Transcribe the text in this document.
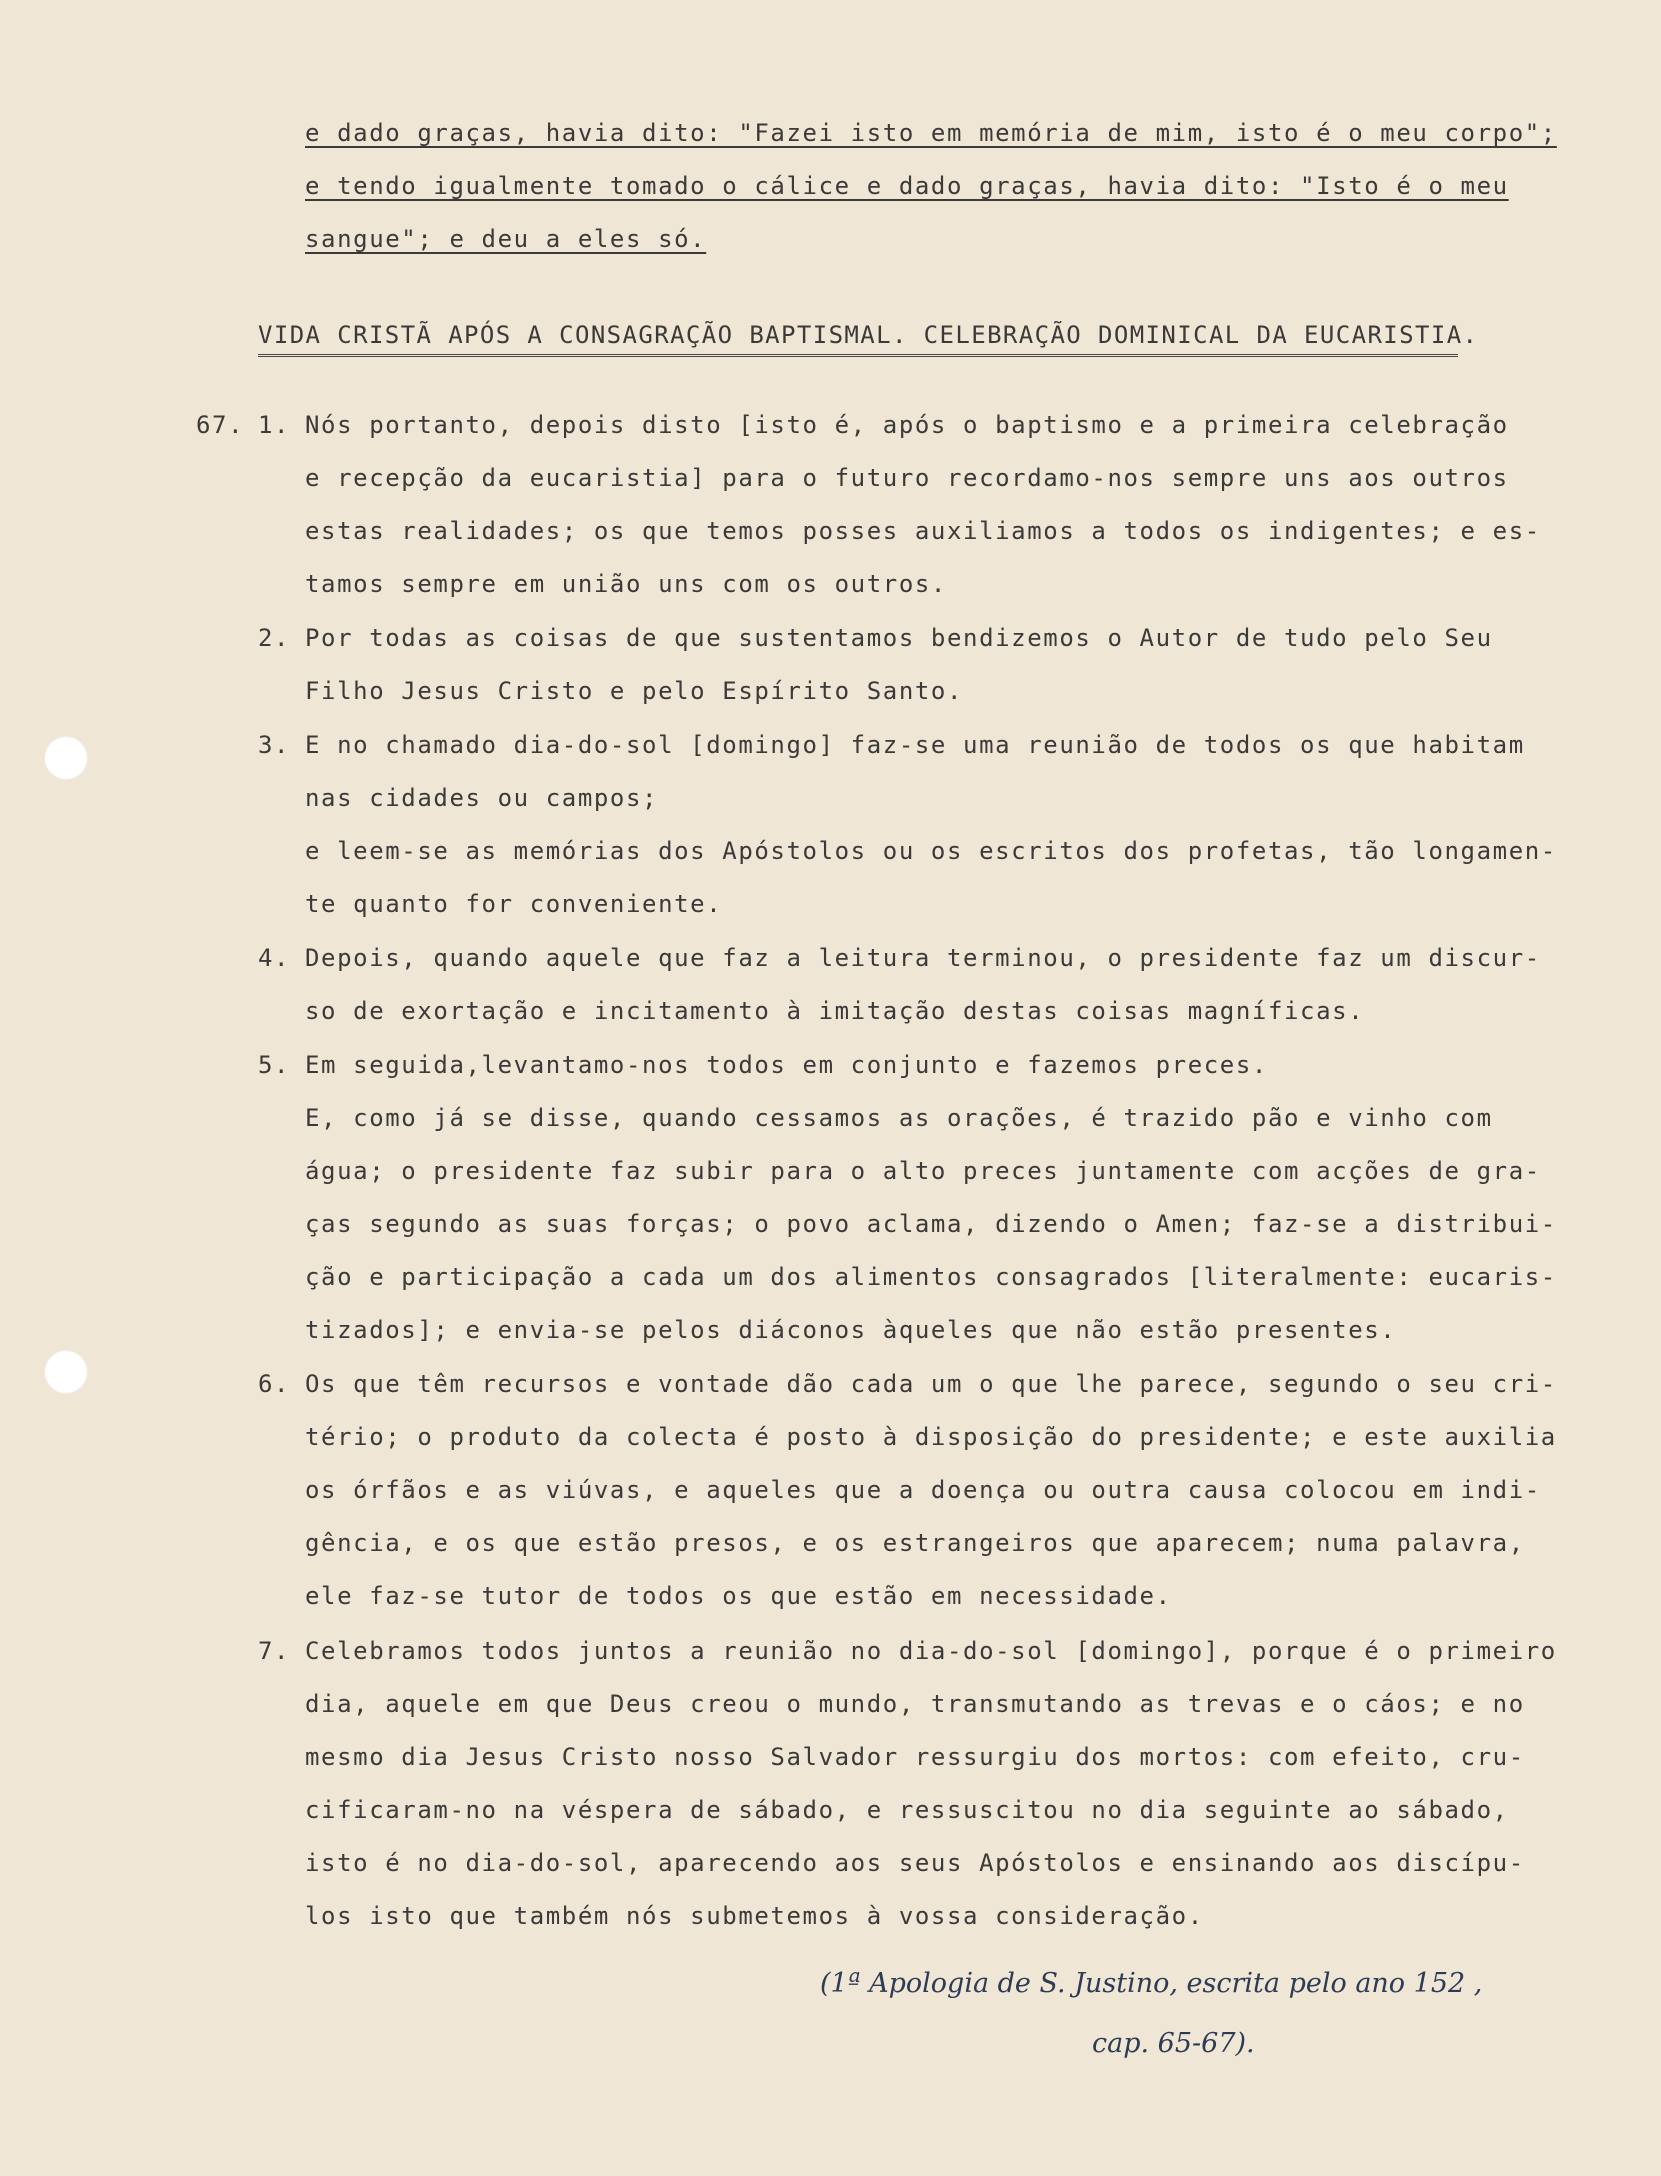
e dado graças, havia dito: "Fazei isto em memória de mim, isto é o meu corpo";
e tendo igualmente tomado o cálice e dado graças, havia dito: "Isto é o meu
sangue"; e deu a eles só.
VIDA CRISTÃ APÓS A CONSAGRAÇÃO BAPTISMAL. CELEBRAÇÃO DOMINICAL DA EUCARISTIA.
67. 1.
2.
3.
4.
5.
6.
7.
Nós portanto, depois disto [isto é, após o baptismo e a primeira celebração
e recepção da eucaristia] para o futuro recordamo-nos sempre uns aos outros
estas realidades; os que temos posses auxiliamos a todos os indigentes; e es-
tamos sempre em união uns com os outros.
Por todas as coisas de que sustentamos bendizemos o Autor de tudo pelo Seu
Filho Jesus Cristo e pelo Espírito Santo.
E no chamado dia-do-sol [domingo] faz-se uma reunião de todos os que habitam
nas cidades ou campos;
e leem-se as memórias dos Apóstolos ou os escritos dos profetas, tão longamen-
te quanto for conveniente.
Depois, quando aquele que faz a leitura terminou, o presidente faz um discur-
so de exortação e incitamento à imitação destas coisas magníficas.
Em seguida,levantamo-nos todos em conjunto e fazemos preces.
E, como já se disse, quando cessamos as orações, é trazido pão e vinho com
água; o presidente faz subir para o alto preces juntamente com acções de gra-
ças segundo as suas forças; o povo aclama, dizendo o Amen; faz-se a distribui-
ção e participação a cada um dos alimentos consagrados [literalmente: eucaris-
tizados]; e envia-se pelos diáconos àqueles que não estão presentes.
Os que têm recursos e vontade dão cada um o que lhe parece, segundo o seu cri-
tério; o produto da colecta é posto à disposição do presidente; e este auxilia
os órfãos e as viúvas, e aqueles que a doença ou outra causa colocou em indi-
gência, e os que estão presos, e os estrangeiros que aparecem; numa palavra,
ele faz-se tutor de todos os que estão em necessidade.
Celebramos todos juntos a reunião no dia-do-sol [domingo], porque é o primeiro
dia, aquele em que Deus creou o mundo, transmutando as trevas e o cáos; e no
mesmo dia Jesus Cristo nosso Salvador ressurgiu dos mortos: com efeito, cru-
cificaram-no na véspera de sábado, e ressuscitou no dia seguinte ao sábado,
isto é no dia-do-sol, aparecendo aos seus Apóstolos e ensinando aos discípu-
los isto que também nós submetemos à vossa consideração.
(1ª Apologia de S. Justino, escrita pelo ano 152 ,
cap. 65-67).
